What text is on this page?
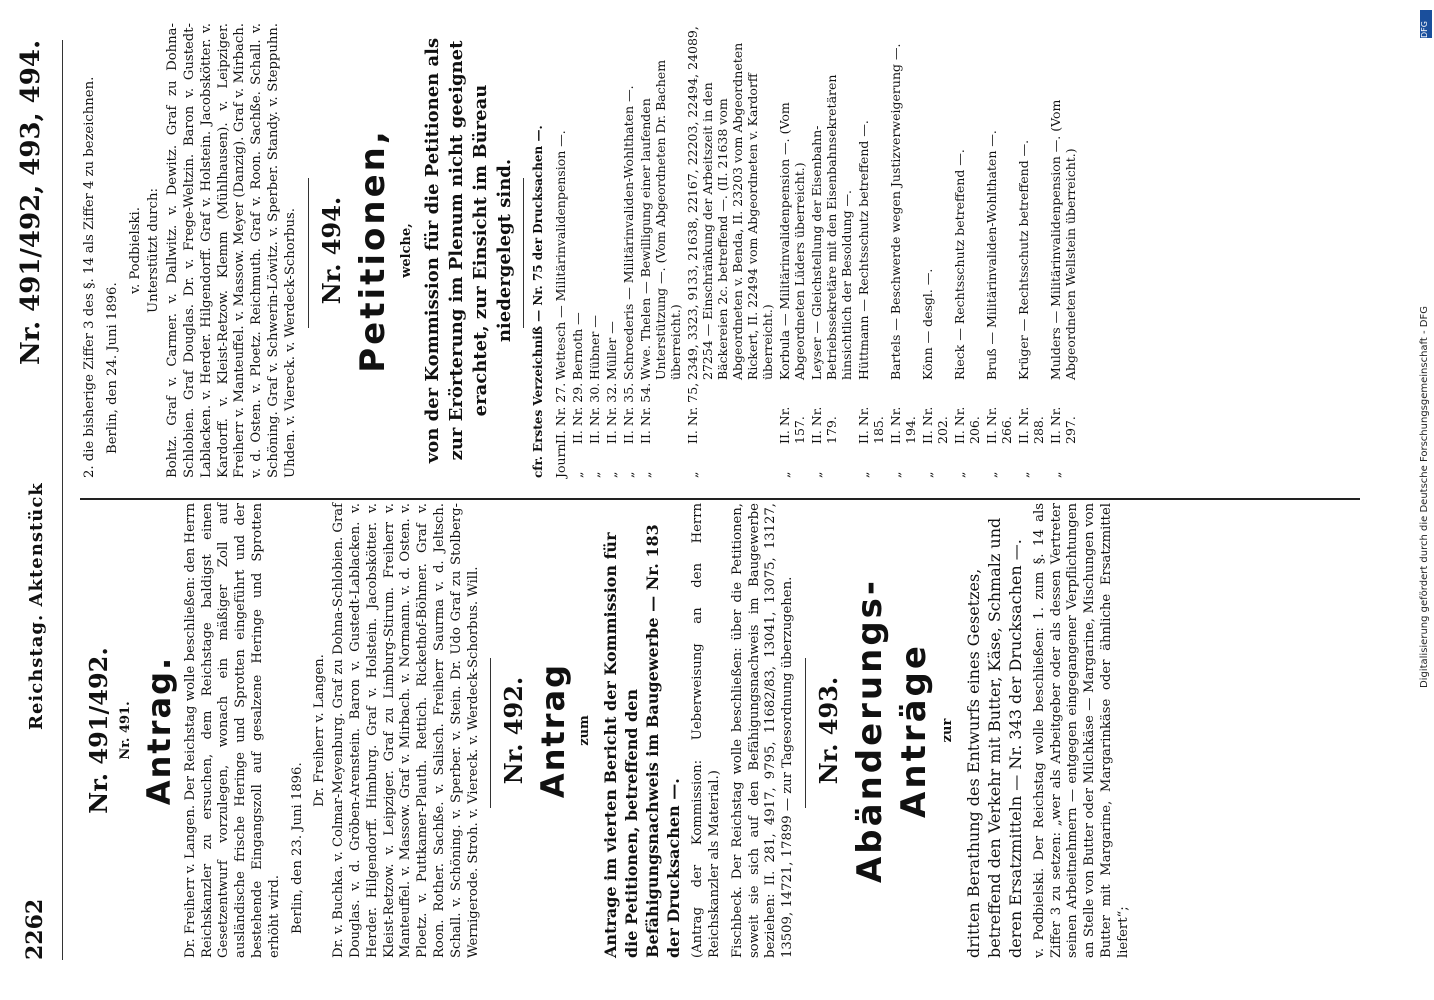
2262
Reichstag. Aktenstück
Nr. 491/492, 493, 494.
Nr. 491/492. Nr. 491. Antrag. Dr. Freiherr v. Langen. Der Reichstag wolle beschließen: den Herrn Reichskanzler zu ersuchen, dem Reichstage baldigst einen Gesetzentwurf vorzulegen, wonach ein mäßiger Zoll auf ausländische frische Heringe und Sprotten eingeführt und der bestehende Eingangszoll auf gesalzene Heringe und Sprotten erhöht wird. Berlin, den 23. Juni 1896.
Dr. Freiherr v. Langen. Dr. v. Buchka. v. Colmar-Meyenburg. Graf zu Dohna-Schlobien. Graf Douglas. v. d. Gröben-Arenstein. Baron v. Gustedt-Lablacken. v. Herder. Hilgendorff. Himburg. Graf v. Holstein. Jacobskötter. v. Kleist-Retzow. v. Leipziger. Graf zu Limburg-Stirum. Freiherr v. Manteuffel. v. Massow. Graf v. Mirbach. v. Normann. v. d. Osten. v. Ploetz. v. Puttkamer-Plauth. Rettich. Rickethof-Böhmer. Graf v. Roon. Rother. Sachße. v. Salisch. Freiherr Saurma v. d. Jeltsch. Schall. v. Schöning. v. Sperber. v. Stein. Dr. Udo Graf zu Stolberg-Wernigerode. Stroh. v. Viereck. v. Werdeck-Schorbus. Will. Nr. 492. Antrag zum Antrage im vierten Bericht der Kommission für die Petitionen, betreffend den Befähigungsnachweis im Baugewerbe — Nr. 183 der Drucksachen —. (Antrag der Kommission: Ueberweisung an den Herrn Reichskanzler als Material.) Fischbeck. Der Reichstag wolle beschließen: über die Petitionen, soweit sie sich auf den Befähigungsnachweis im Baugewerbe beziehen: II. 281, 4917, 9795, 11682/83, 13041, 13075, 13127, 13509, 14721, 17899 — zur Tagesordnung überzugehen. Nr. 493. Abänderungs-Anträge zur dritten Berathung des Entwurfs eines Gesetzes, betreffend den Verkehr mit Butter, Käse, Schmalz und deren Ersatzmitteln — Nr. 343 der Drucksachen —. v. Podbielski. Der Reichstag wolle beschließen: 1. zum §. 14 als Ziffer 3 zu setzen: „wer als Arbeitgeber oder als dessen Vertreter seinen Arbeitnehmern — entgegen eingegangener Verpflichtungen an Stelle von Butter oder Milchkäse — Margarine, Mischungen von Butter mit Margarine, Margarinkäse oder ähnliche Ersatzmittel liefert“;
2. die bisherige Ziffer 3 des §. 14 als Ziffer 4 zu bezeichnen. Berlin, den 24. Juni 1896.
v. Podbielski. Unterstützt durch: Bohtz. Graf v. Carmer. v. Dallwitz. v. Dewitz. Graf zu Dohna-Schlobien. Graf Douglas. Dr. v. Frege-Weltzin. Baron v. Gustedt-Lablacken. v. Herder. Hilgendorff. Graf v. Holstein. Jacobskötter. v. Kardorff. v. Kleist-Retzow. Klemm (Mühlhausen). v. Leipziger. Freiherr v. Manteuffel. v. Massow. Meyer (Danzig). Graf v. Mirbach. v. d. Osten. v. Ploetz. Reichmuth. Graf v. Roon. Sachße. Schall. v. Schöning. Graf v. Schwerin-Löwitz. v. Sperber. Standy. v. Steppuhn. Uhden. v. Viereck. v. Werdeck-Schorbus. Nr. 494. Petitionen, welche, von der Kommission für die Petitionen als zur Erörterung im Plenum nicht geeignet erachtet, zur Einsicht im Büreau niedergelegt sind. cfr. Erstes Verzeichniß — Nr. 75 der Drucksachen —. Journ.
II. Nr. 27.
Wettesch — Militärinvalidenpension —.
„
II. Nr. 29.
Bernoth —
„
II. Nr. 30.
Hübner —
„
II. Nr. 32.
Müller —
„
II. Nr. 35.
Schroederis — Militärinvaliden-Wohlthaten —.
„
II. Nr. 54.
Wwe. Thelen — Bewilligung einer laufenden Unterstützung —. (Vom Abgeordneten Dr. Bachem überreicht.)
„
II. Nr. 75,
2349, 3323, 9133, 21638, 22167, 22203, 22494, 24089, 27254 — Einschränkung der Arbeitszeit in den Bäckereien 2c. betreffend —. (II. 21638 vom Abgeordneten v. Benda, II. 23203 vom Abgeordneten Rickert, II. 22494 vom Abgeordneten v. Kardorff überreicht.)
„
II. Nr. 157.
Korbula — Militärinvalidenpension —. (Vom Abgeordneten Lüders überreicht.)
„
II. Nr. 179.
Leyser — Gleichstellung der Eisenbahn-Betriebssekretäre mit den Eisenbahnsekretären hinsichtlich der Besoldung —.
„
II. Nr. 185.
Hüttmann — Rechtsschutz betreffend —.
„
II. Nr. 194.
Bartels — Beschwerde wegen Justizverweigerung —.
„
II. Nr. 202.
Könn — desgl. —.
„
II. Nr. 206.
Rieck — Rechtsschutz betreffend —.
„
II. Nr. 266.
Bruß — Militärinvaliden-Wohlthaten —.
„
II. Nr. 288.
Krüger — Rechtsschutz betreffend —.
„
II. Nr. 297.
Mulders — Militärinvalidenpension —. (Vom Abgeordneten Wellstein überreicht.)
Digitalisierung gefördert durch die Deutsche Forschungsgemeinschaft - DFG
DFG
